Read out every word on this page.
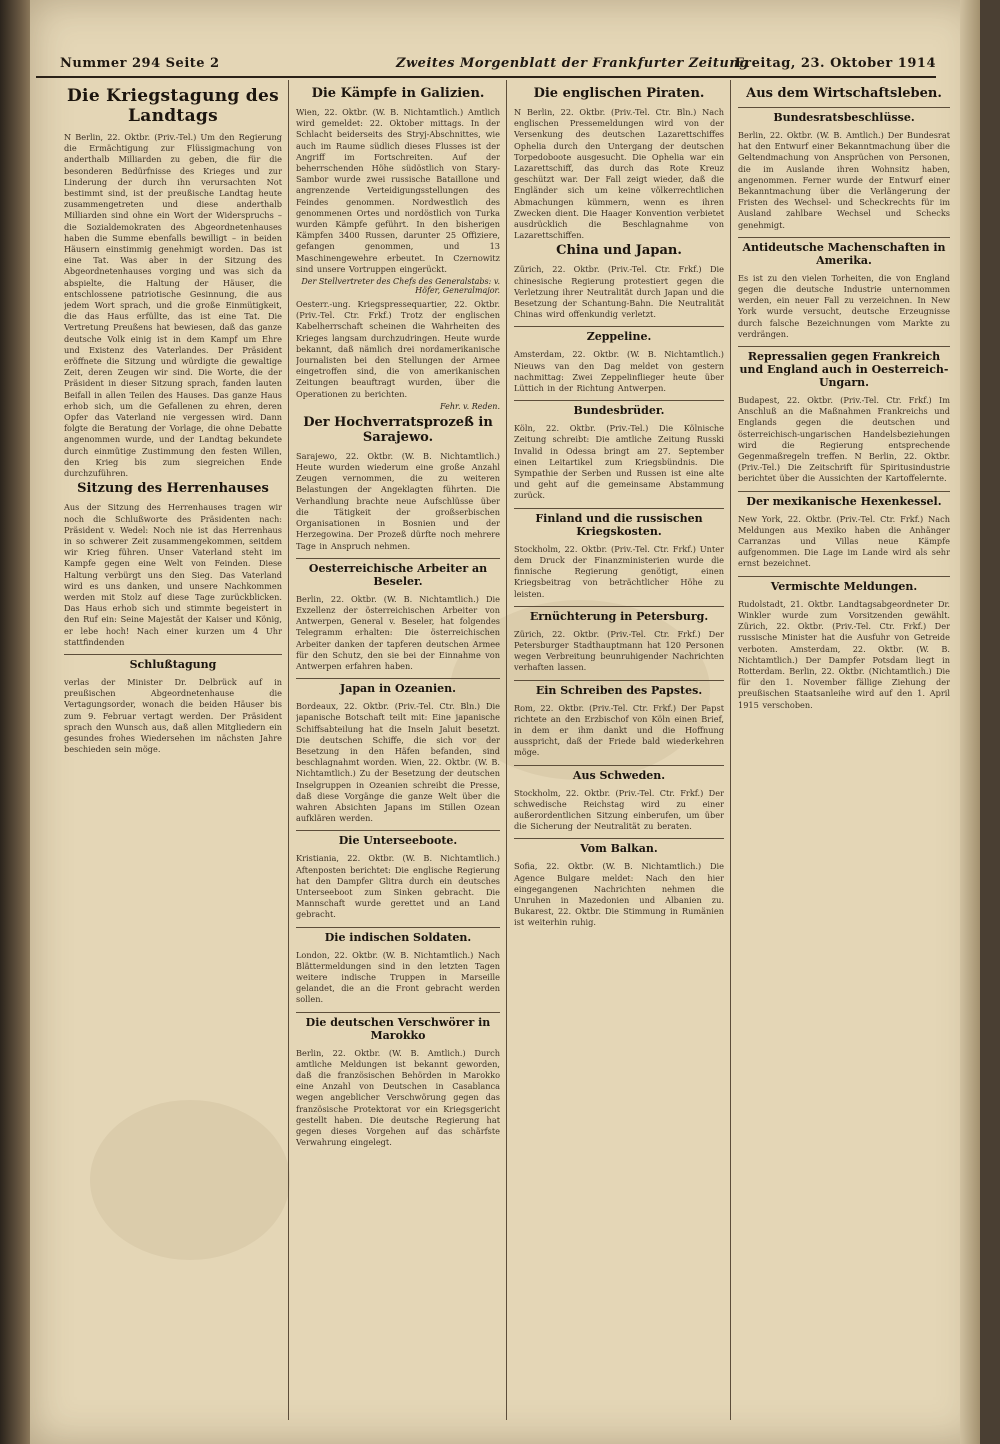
Nummer 294 Seite 2	Zweites Morgenblatt der Frankfurter Zeitung
Freitag, 23. Oktober 1914
Die Kriegstagung des Landtags
N Berlin, 22. Oktbr. (Priv.-Tel.) Um den Regierung die Ermächtigung zur Flüssigmachung von anderthalb Milliarden zu geben, die für die besonderen Bedürfnisse des Krieges und zur Linderung der durch ihn verursachten Not bestimmt sind, ist der preußische Landtag heute zusammengetreten und diese anderthalb Milliarden sind ohne ein Wort der Widerspruchs – die Sozialdemokraten des Abgeordnetenhauses haben die Summe ebenfalls bewilligt – in beiden Häusern einstimmig genehmigt worden. Das ist eine Tat. Was aber in der Sitzung des Abgeordnetenhauses vorging und was sich da abspielte, die Haltung der Häuser, die entschlossene patriotische Gesinnung, die aus jedem Wort sprach, und die große Einmütigkeit, die das Haus erfüllte, das ist eine Tat. Die Vertretung Preußens hat bewiesen, daß das ganze deutsche Volk einig ist in dem Kampf um Ehre und Existenz des Vaterlandes. Der Präsident eröffnete die Sitzung und würdigte die gewaltige Zeit, deren Zeugen wir sind. Die Worte, die der Präsident in dieser Sitzung sprach, fanden lauten Beifall in allen Teilen des Hauses. Das ganze Haus erhob sich, um die Gefallenen zu ehren, deren Opfer das Vaterland nie vergessen wird. Dann folgte die Beratung der Vorlage, die ohne Debatte angenommen wurde, und der Landtag bekundete durch einmütige Zustimmung den festen Willen, den Krieg bis zum siegreichen Ende durchzuführen.
Sitzung des Herrenhauses
Aus der Sitzung des Herrenhauses tragen wir noch die Schlußworte des Präsidenten nach: Präsident v. Wedel: Noch nie ist das Herrenhaus in so schwerer Zeit zusammengekommen, seitdem wir Krieg führen. Unser Vaterland steht im Kampfe gegen eine Welt von Feinden. Diese Haltung verbürgt uns den Sieg. Das Vaterland wird es uns danken, und unsere Nachkommen werden mit Stolz auf diese Tage zurückblicken. Das Haus erhob sich und stimmte begeistert in den Ruf ein: Seine Majestät der Kaiser und König, er lebe hoch! Nach einer kurzen um 4 Uhr stattfindenden
Schlußtagung
verlas der Minister Dr. Delbrück auf in preußischen Abgeordnetenhause die Vertagungsorder, wonach die beiden Häuser bis zum 9. Februar vertagt werden. Der Präsident sprach den Wunsch aus, daß allen Mitgliedern ein gesundes frohes Wiedersehen im nächsten Jahre beschieden sein möge.
Die Kämpfe in Galizien.
Wien, 22. Oktbr. (W. B. Nichtamtlich.) Amtlich wird gemeldet: 22. Oktober mittags. In der Schlacht beiderseits des Stryj-Abschnittes, wie auch im Raume südlich dieses Flusses ist der Angriff im Fortschreiten. Auf der beherrschenden Höhe südöstlich von Stary-Sambor wurde zwei russische Bataillone und angrenzende Verteidigungsstellungen des Feindes genommen. Nordwestlich des genommenen Ortes und nordöstlich von Turka wurden Kämpfe geführt. In den bisherigen Kämpfen 3400 Russen, darunter 25 Offiziere, gefangen genommen, und 13 Maschinengewehre erbeutet. In Czernowitz sind unsere Vortruppen eingerückt.
Der Stellvertreter des Chefs des Generalstabs: v. Höfer, Generalmajor.
Oesterr.-ung. Kriegspressequartier, 22. Oktbr. (Priv.-Tel. Ctr. Frkf.) Trotz der englischen Kabelherrschaft scheinen die Wahrheiten des Krieges langsam durchzudringen. Heute wurde bekannt, daß nämlich drei nordamerikanische Journalisten bei den Stellungen der Armee eingetroffen sind, die von amerikanischen Zeitungen beauftragt wurden, über die Operationen zu berichten.
Fehr. v. Reden.
Der Hochverratsprozeß in Sarajewo.
Sarajewo, 22. Oktbr. (W. B. Nichtamtlich.) Heute wurden wiederum eine große Anzahl Zeugen vernommen, die zu weiteren Belastungen der Angeklagten führten. Die Verhandlung brachte neue Aufschlüsse über die Tätigkeit der großserbischen Organisationen in Bosnien und der Herzegowina. Der Prozeß dürfte noch mehrere Tage in Anspruch nehmen.
Oesterreichische Arbeiter an Beseler.
Berlin, 22. Oktbr. (W. B. Nichtamtlich.) Die Exzellenz der österreichischen Arbeiter von Antwerpen, General v. Beseler, hat folgendes Telegramm erhalten: Die österreichischen Arbeiter danken der tapferen deutschen Armee für den Schutz, den sie bei der Einnahme von Antwerpen erfahren haben.
Japan in Ozeanien.
Bordeaux, 22. Oktbr. (Priv.-Tel. Ctr. Bln.) Die japanische Botschaft teilt mit: Eine japanische Schiffsabteilung hat die Inseln Jaluit besetzt. Die deutschen Schiffe, die sich vor der Besetzung in den Häfen befanden, sind beschlagnahmt worden. Wien, 22. Oktbr. (W. B. Nichtamtlich.) Zu der Besetzung der deutschen Inselgruppen in Ozeanien schreibt die Presse, daß diese Vorgänge die ganze Welt über die wahren Absichten Japans im Stillen Ozean aufklären werden.
Die Unterseeboote.
Kristiania, 22. Oktbr. (W. B. Nichtamtlich.) Aftenposten berichtet: Die englische Regierung hat den Dampfer Glitra durch ein deutsches Unterseeboot zum Sinken gebracht. Die Mannschaft wurde gerettet und an Land gebracht.
Die indischen Soldaten.
London, 22. Oktbr. (W. B. Nichtamtlich.) Nach Blättermeldungen sind in den letzten Tagen weitere indische Truppen in Marseille gelandet, die an die Front gebracht werden sollen.
Die deutschen Verschwörer in Marokko
Berlin, 22. Oktbr. (W. B. Amtlich.) Durch amtliche Meldungen ist bekannt geworden, daß die französischen Behörden in Marokko eine Anzahl von Deutschen in Casablanca wegen angeblicher Verschwörung gegen das französische Protektorat vor ein Kriegsgericht gestellt haben. Die deutsche Regierung hat gegen dieses Vorgehen auf das schärfste Verwahrung eingelegt.
Die englischen Piraten.
N Berlin, 22. Oktbr. (Priv.-Tel. Ctr. Bln.) Nach englischen Pressemeldungen wird von der Versenkung des deutschen Lazarettschiffes Ophelia durch den Untergang der deutschen Torpedoboote ausgesucht. Die Ophelia war ein Lazarettschiff, das durch das Rote Kreuz geschützt war. Der Fall zeigt wieder, daß die Engländer sich um keine völkerrechtlichen Abmachungen kümmern, wenn es ihren Zwecken dient. Die Haager Konvention verbietet ausdrücklich die Beschlagnahme von Lazarettschiffen.
China und Japan.
Zürich, 22. Oktbr. (Priv.-Tel. Ctr. Frkf.) Die chinesische Regierung protestiert gegen die Verletzung ihrer Neutralität durch Japan und die Besetzung der Schantung-Bahn. Die Neutralität Chinas wird offenkundig verletzt.
Zeppeline.
Amsterdam, 22. Oktbr. (W. B. Nichtamtlich.) Nieuws van den Dag meldet von gestern nachmittag: Zwei Zeppelinflieger heute über Lüttich in der Richtung Antwerpen.
Bundesbrüder.
Köln, 22. Oktbr. (Priv.-Tel.) Die Kölnische Zeitung schreibt: Die amtliche Zeitung Russki Invalid in Odessa bringt am 27. September einen Leitartikel zum Kriegsbündnis. Die Sympathie der Serben und Russen ist eine alte und geht auf die gemeinsame Abstammung zurück.
Finland und die russischen Kriegskosten.
Stockholm, 22. Oktbr. (Priv.-Tel. Ctr. Frkf.) Unter dem Druck der Finanzministerien wurde die finnische Regierung genötigt, einen Kriegsbeitrag von beträchtlicher Höhe zu leisten.
Ernüchterung in Petersburg.
Zürich, 22. Oktbr. (Priv.-Tel. Ctr. Frkf.) Der Petersburger Stadthauptmann hat 120 Personen wegen Verbreitung beunruhigender Nachrichten verhaften lassen.
Ein Schreiben des Papstes.
Rom, 22. Oktbr. (Priv.-Tel. Ctr. Frkf.) Der Papst richtete an den Erzbischof von Köln einen Brief, in dem er ihm dankt und die Hoffnung ausspricht, daß der Friede bald wiederkehren möge.
Aus Schweden.
Stockholm, 22. Oktbr. (Priv.-Tel. Ctr. Frkf.) Der schwedische Reichstag wird zu einer außerordentlichen Sitzung einberufen, um über die Sicherung der Neutralität zu beraten.
Vom Balkan.
Sofia, 22. Oktbr. (W. B. Nichtamtlich.) Die Agence Bulgare meldet: Nach den hier eingegangenen Nachrichten nehmen die Unruhen in Mazedonien und Albanien zu. Bukarest, 22. Oktbr. Die Stimmung in Rumänien ist weiterhin ruhig.
Aus dem Wirtschaftsleben.
Bundesratsbeschlüsse.
Berlin, 22. Oktbr. (W. B. Amtlich.) Der Bundesrat hat den Entwurf einer Bekanntmachung über die Geltendmachung von Ansprüchen von Personen, die im Auslande ihren Wohnsitz haben, angenommen. Ferner wurde der Entwurf einer Bekanntmachung über die Verlängerung der Fristen des Wechsel- und Scheckrechts für im Ausland zahlbare Wechsel und Schecks genehmigt.
Antideutsche Machenschaften in Amerika.
Es ist zu den vielen Torheiten, die von England gegen die deutsche Industrie unternommen werden, ein neuer Fall zu verzeichnen. In New York wurde versucht, deutsche Erzeugnisse durch falsche Bezeichnungen vom Markte zu verdrängen.
Repressalien gegen Frankreich und England auch in Oesterreich-Ungarn.
Budapest, 22. Oktbr. (Priv.-Tel. Ctr. Frkf.) Im Anschluß an die Maßnahmen Frankreichs und Englands gegen die deutschen und österreichisch-ungarischen Handelsbeziehungen wird die Regierung entsprechende Gegenmaßregeln treffen. N Berlin, 22. Oktbr. (Priv.-Tel.) Die Zeitschrift für Spiritusindustrie berichtet über die Aussichten der Kartoffelernte.
Der mexikanische Hexenkessel.
New York, 22. Oktbr. (Priv.-Tel. Ctr. Frkf.) Nach Meldungen aus Mexiko haben die Anhänger Carranzas und Villas neue Kämpfe aufgenommen. Die Lage im Lande wird als sehr ernst bezeichnet.
Vermischte Meldungen.
Rudolstadt, 21. Oktbr. Landtagsabgeordneter Dr. Winkler wurde zum Vorsitzenden gewählt. Zürich, 22. Oktbr. (Priv.-Tel. Ctr. Frkf.) Der russische Minister hat die Ausfuhr von Getreide verboten. Amsterdam, 22. Oktbr. (W. B. Nichtamtlich.) Der Dampfer Potsdam liegt in Rotterdam. Berlin, 22. Oktbr. (Nichtamtlich.) Die für den 1. November fällige Ziehung der preußischen Staatsanleihe wird auf den 1. April 1915 verschoben.
